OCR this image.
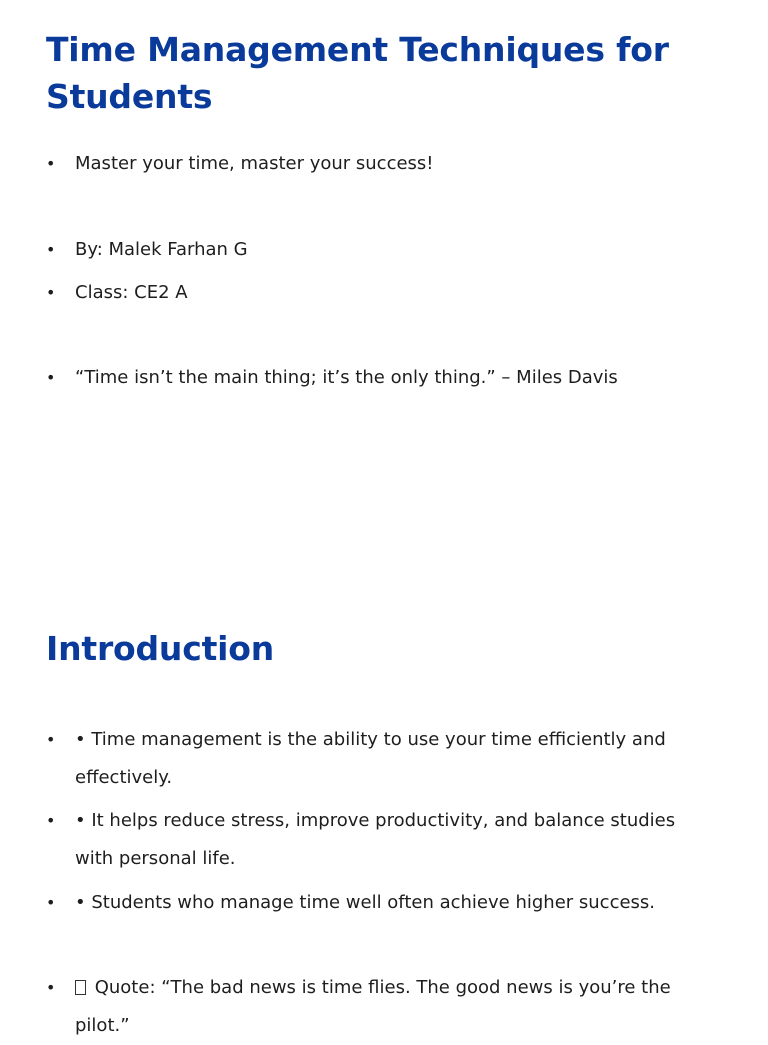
Time Management Techniques for Students
• Master your time, master your success!
• By: Malek Farhan G
• Class: CE2 A
• “Time isn’t the main thing; it’s the only thing.” – Miles Davis
Introduction
• • Time management is the ability to use your time efficiently and effectively.
• • It helps reduce stress, improve productivity, and balance studies with personal life.
• • Students who manage time well often achieve higher success.
• Quote: “The bad news is time flies. The good news is you’re the pilot.”
